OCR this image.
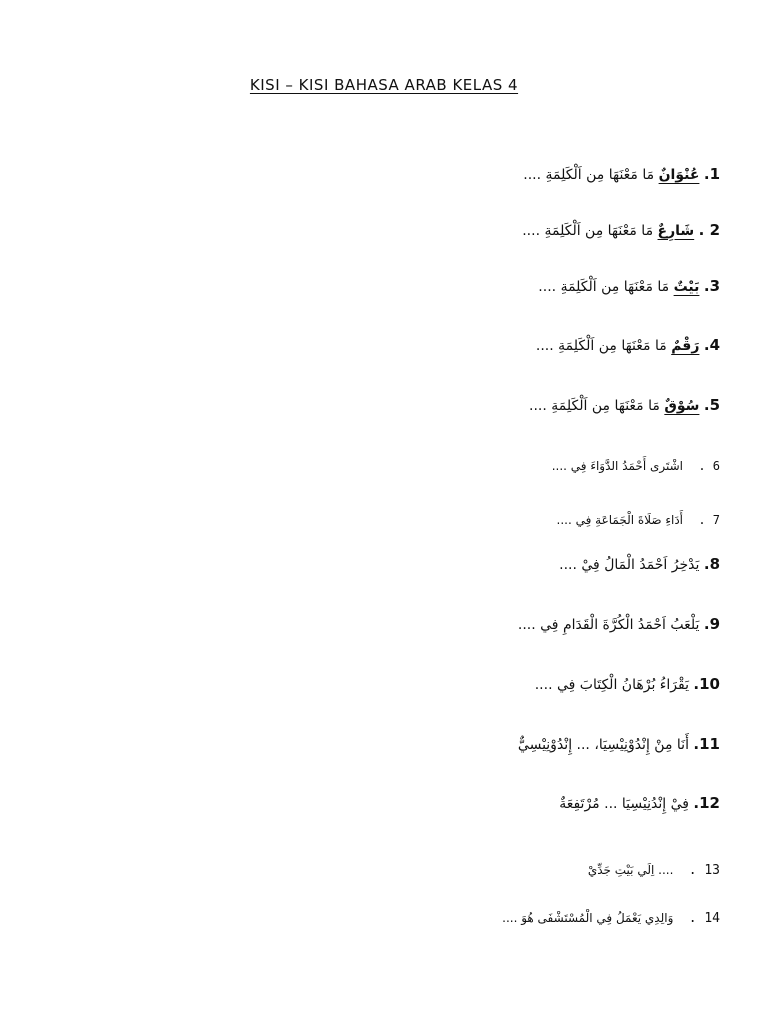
KISI – KISI BAHASA ARAB KELAS 4
1. عُنْوَانٌ مَا مَعْنَهَا مِن اَلْكَلِمَةِ ....
2 . شَارِعٌ مَا مَعْنَهَا مِن اَلْكَلِمَةِ ....
3. بَيْتٌ مَا مَعْنَهَا مِن اَلْكَلِمَةِ ....
4. رَقْمٌ مَا مَعْنَهَا مِن اَلْكَلِمَةِ ....
5. سُوْقٌ مَا مَعْنَهَا مِن اَلْكَلِمَةِ ....
6 .    اشْتَرى أَحْمَدُ الدَّوَاءَ فِي ....
7 .    أَدَاءِ صَلَاةَ الْجَمَاعَةِ فِي ....
8. يَدْخِرُ اَحْمَدُ الْمَالُ فِيْ ....
9. يَلْعَبُ اَحْمَدُ الْكُرَّةَ الْقَدَامِ فِي ....
10. يَقْرَاءُ بُرْهَانُ الْكِتَابَ فِي ....
11. أَنَا مِنْ إِنْدُوْنِيْسِيَا، ... إِنْدُوْنِيْسِيٌّ
12. فِيْ إِنْدُنِيْسِيَا ... مُرْتَفِعَةٌ
13 .    .... اِلَي بَيْتِ جَدِّيْ
14 .    وَالِدِي يَعْمَلُ فِي الْمُسْتَشْفَى هُوَ ....
